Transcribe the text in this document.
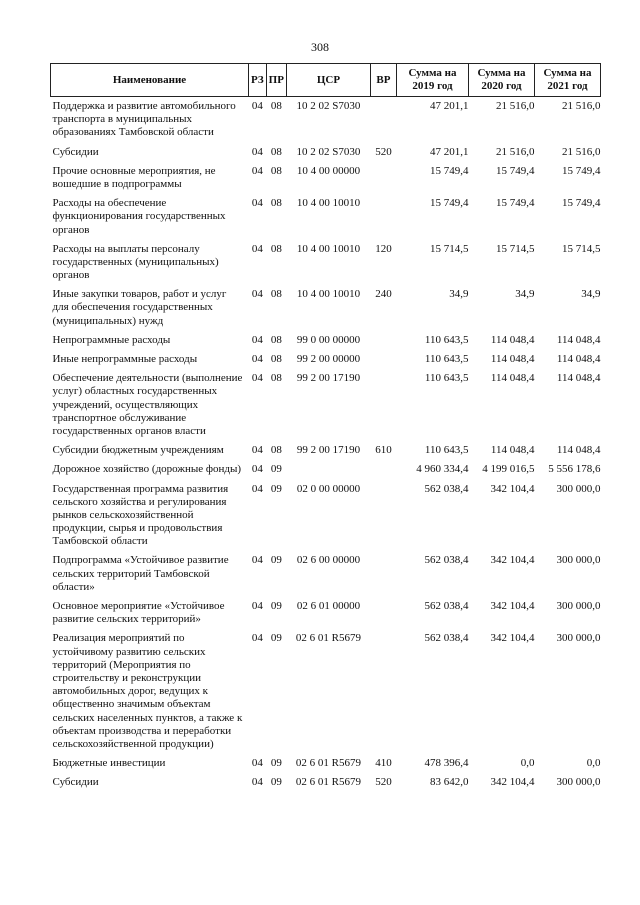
308
Наименование	РЗ	ПР	ЦСР	ВР	Сумма на 2019 год	Сумма на 2020 год	Сумма на 2021 год
Поддержка и развитие автомобильного транспорта в муниципальных образованиях Тамбовской области	04	08	10 2 02 S7030		47 201,1	21 516,0	21 516,0
Субсидии	04	08	10 2 02 S7030	520	47 201,1	21 516,0	21 516,0
Прочие основные мероприятия, не вошедшие в подпрограммы	04	08	10 4 00 00000		15 749,4	15 749,4	15 749,4
Расходы на обеспечение функционирования государственных органов	04	08	10 4 00 10010		15 749,4	15 749,4	15 749,4
Расходы на выплаты персоналу государственных (муниципальных) органов	04	08	10 4 00 10010	120	15 714,5	15 714,5	15 714,5
Иные закупки товаров, работ и услуг для обеспечения государственных (муниципальных) нужд	04	08	10 4 00 10010	240	34,9	34,9	34,9
Непрограммные расходы	04	08	99 0 00 00000		110 643,5	114 048,4	114 048,4
Иные непрограммные расходы	04	08	99 2 00 00000		110 643,5	114 048,4	114 048,4
Обеспечение деятельности (выполнение услуг) областных государственных учреждений, осуществляющих транспортное обслуживание государственных органов власти	04	08	99 2 00 17190		110 643,5	114 048,4	114 048,4
Субсидии бюджетным учреждениям	04	08	99 2 00 17190	610	110 643,5	114 048,4	114 048,4
Дорожное хозяйство (дорожные фонды)	04	09			4 960 334,4	4 199 016,5	5 556 178,6
Государственная программа развития сельского хозяйства и регулирования рынков сельскохозяйственной продукции, сырья и продовольствия Тамбовской области	04	09	02 0 00 00000		562 038,4	342 104,4	300 000,0
Подпрограмма «Устойчивое развитие сельских территорий Тамбовской области»	04	09	02 6 00 00000		562 038,4	342 104,4	300 000,0
Основное мероприятие «Устойчивое развитие сельских территорий»	04	09	02 6 01 00000		562 038,4	342 104,4	300 000,0
Реализация мероприятий по устойчивому развитию сельских территорий (Мероприятия по строительству и реконструкции автомобильных дорог, ведущих к общественно значимым объектам сельских населенных пунктов, а также к объектам производства и переработки сельскохозяйственной продукции)	04	09	02 6 01 R5679		562 038,4	342 104,4	300 000,0
Бюджетные инвестиции	04	09	02 6 01 R5679	410	478 396,4	0,0	0,0
Субсидии	04	09	02 6 01 R5679	520	83 642,0	342 104,4	300 000,0
